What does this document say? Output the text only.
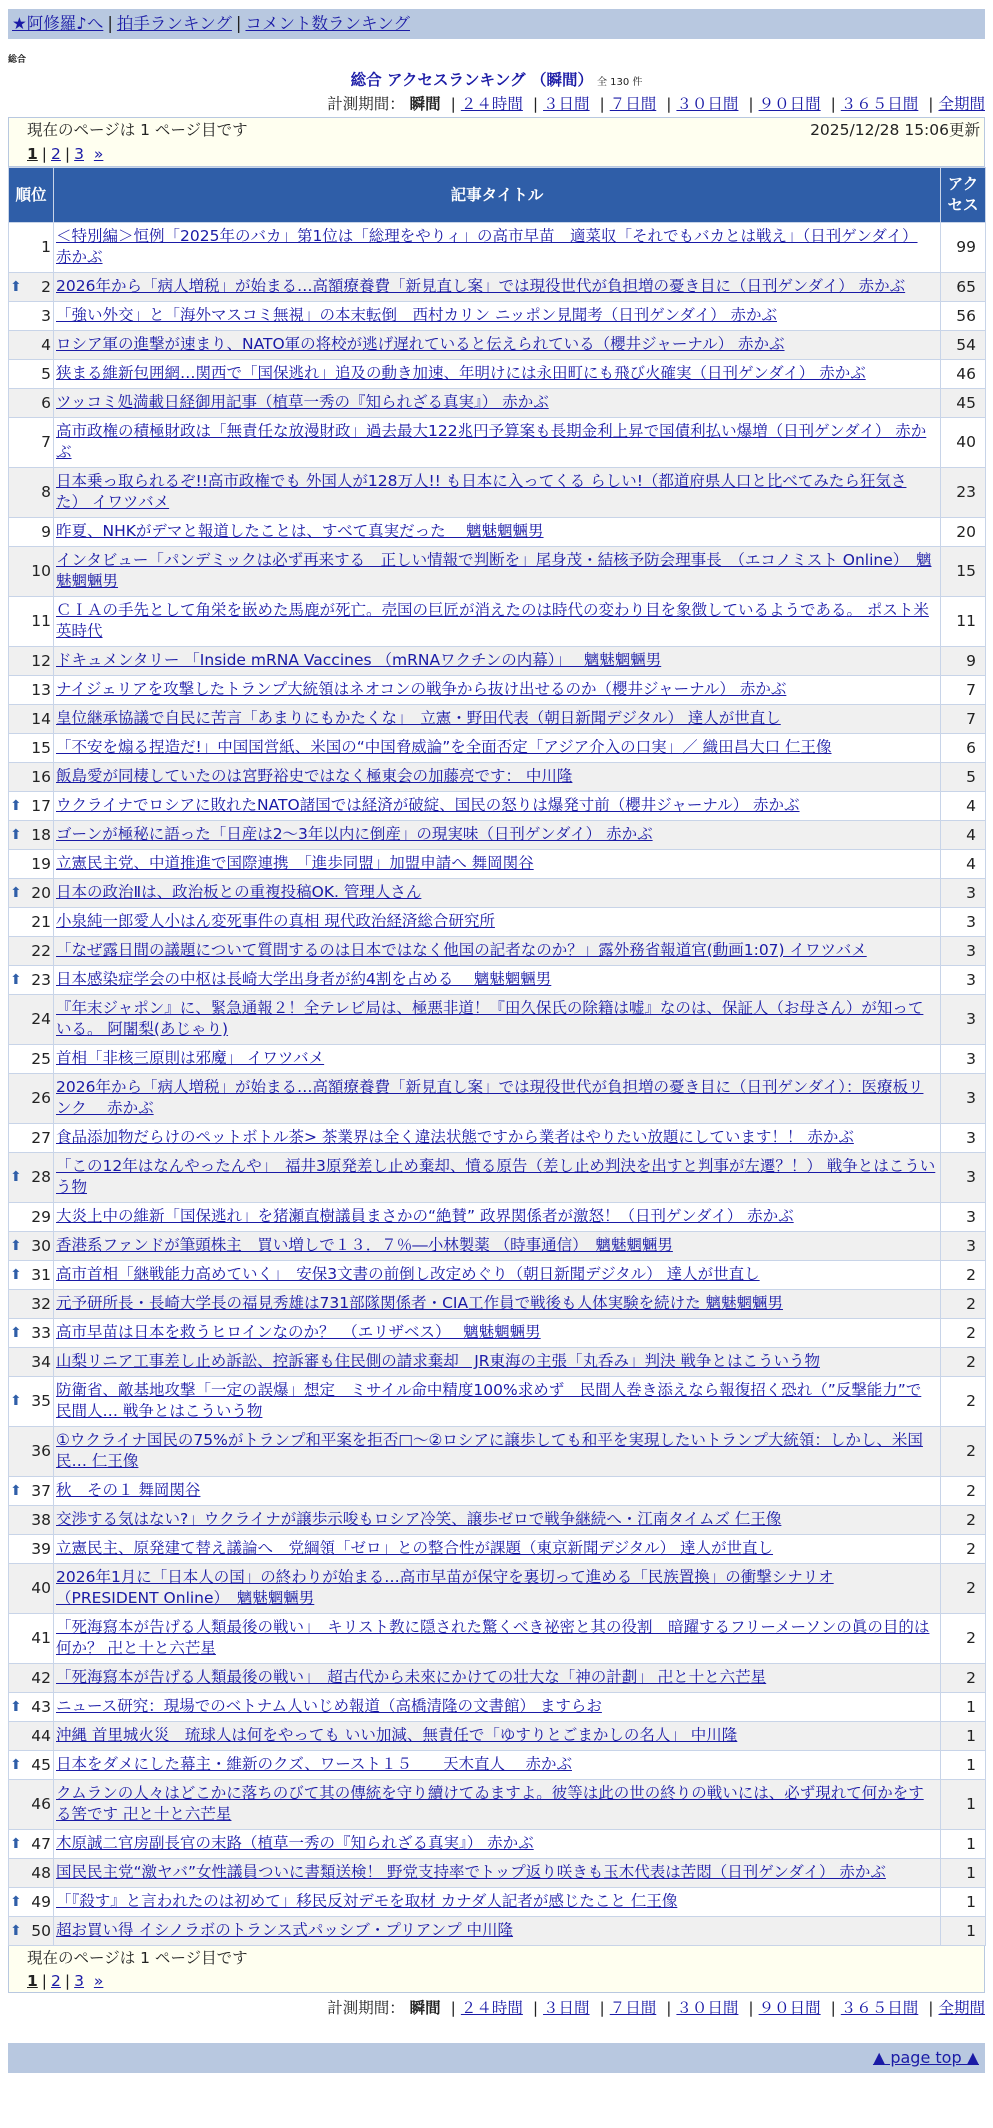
★阿修羅♪へ | 拍手ランキング | コメント数ランキング
総合
総合 アクセスランキング （瞬間） 全 130 件
計測期間： 瞬間 | ２４時間 | ３日間 | ７日間 | ３０日間 | ９０日間 | ３６５日間 | 全期間
現在のページは 1 ページ目です	2025/12/28 15:06更新
1 | 2 | 3 »
順位	記事タイトル	アクセス
1	＜特別編＞恒例「2025年のバカ」第1位は「総理をやりィ」の高市早苗　適菜収「それでもバカとは戦え」（日刊ゲンダイ） 赤かぶ	99

⬆ 2	2026年から「病人増税」が始まる…高額療養費「新見直し案」では現役世代が負担増の憂き目に（日刊ゲンダイ） 赤かぶ	65
3	「強い外交」と「海外マスコミ無視」の本末転倒　西村カリン ニッポン見聞考（日刊ゲンダイ） 赤かぶ	56
4	ロシア軍の進撃が速まり、NATO軍の将校が逃げ遅れていると伝えられている（櫻井ジャーナル） 赤かぶ	54
5	狭まる維新包囲網…関西で「国保逃れ」追及の動き加速、年明けには永田町にも飛び火確実（日刊ゲンダイ） 赤かぶ	46
6	ツッコミ処満載日経御用記事（植草一秀の『知られざる真実』） 赤かぶ	45
7	高市政権の積極財政は「無責任な放漫財政」過去最大122兆円予算案も長期金利上昇で国債利払い爆増（日刊ゲンダイ） 赤かぶ	40
8	日本乗っ取られるぞ!!高市政権でも 外国人が128万人!! も日本に入ってくる らしい!（都道府県人口と比べてみたら狂気さた） イワツバメ	23
9	昨夏、NHKがデマと報道したことは、すべて真実だった　 魑魅魍魎男	20
10	インタビュー「パンデミックは必ず再来する　正しい情報で判断を」尾身茂・結核予防会理事長　（エコノミスト Online）　魑魅魍魎男	15
11	ＣＩＡの手先として角栄を嵌めた馬鹿が死亡。売国の巨匠が消えたのは時代の変わり目を象徴しているようである。 ポスト米英時代	11
12	ドキュメンタリー 「Inside mRNA Vaccines （mRNAワクチンの内幕）」　 魑魅魍魎男	9
13	ナイジェリアを攻撃したトランプ大統領はネオコンの戦争から抜け出せるのか（櫻井ジャーナル） 赤かぶ	7
14	皇位継承協議で自民に苦言「あまりにもかたくな」　立憲・野田代表（朝日新聞デジタル） 達人が世直し	7
15	「不安を煽る捏造だ!」中国国営紙、米国の“中国脅威論”を全面否定「アジア介入の口実」／ 織田昌大口 仁王像	6
16	飯島愛が同棲していたのは宮野裕史ではなく極東会の加藤亮です： 中川隆	5

⬆ 17	ウクライナでロシアに敗れたNATO諸国では経済が破綻、国民の怒りは爆発寸前（櫻井ジャーナル） 赤かぶ	4

⬆ 18	ゴーンが極秘に語った「日産は2～3年以内に倒産」の現実味（日刊ゲンダイ） 赤かぶ	4
19	立憲民主党、中道推進で国際連携　「進歩同盟」加盟申請へ 舞岡関谷	4

⬆ 20	日本の政治Ⅱは、政治板との重複投稿OK. 管理人さん	3
21	小泉純一郎愛人小はん変死事件の真相 現代政治経済総合研究所	3
22	「なぜ露日間の議題について質問するのは日本ではなく他国の記者なのか？」露外務省報道官(動画1:07) イワツバメ	3

⬆ 23	日本感染症学会の中枢は長崎大学出身者が約4割を占める　 魑魅魍魎男	3
24	『年末ジャポン』に、緊急通報２！全テレビ局は、極悪非道！『田久保氏の除籍は嘘』なのは、保証人（お母さん）が知っている。 阿闍梨(あじゃり)	3
25	首相「非核三原則は邪魔」 イワツバメ	3
26	2026年から「病人増税」が始まる…高額療養費「新見直し案」では現役世代が負担増の憂き目に（日刊ゲンダイ）：医療板リンク　 赤かぶ	3
27	食品添加物だらけのペットボトル茶> 茶業界は全く違法状態ですから業者はやりたい放題にしています！！ 赤かぶ	3

⬆ 28	「この12年はなんやったんや」　福井3原発差し止め棄却、憤る原告（差し止め判決を出すと判事が左遷？！） 戦争とはこういう物	3
29	大炎上中の維新「国保逃れ」を猪瀬直樹議員まさかの“絶賛” 政界関係者が激怒！（日刊ゲンダイ） 赤かぶ	3

⬆ 30	香港系ファンドが筆頭株主　買い増しで１３．７％―小林製薬 （時事通信）　魑魅魍魎男	3

⬆ 31	高市首相「継戦能力高めていく」　安保3文書の前倒し改定めぐり（朝日新聞デジタル） 達人が世直し	2
32	元予研所長・長崎大学長の福見秀雄は731部隊関係者・CIA工作員で戦後も人体実験を続けた 魑魅魍魎男	2

⬆ 33	高市早苗は日本を救うヒロインなのか？　（エリザベス）　 魑魅魍魎男	2
34	山梨リニア工事差し止め訴訟、控訴審も住民側の請求棄却　JR東海の主張「丸呑み」判決 戦争とはこういう物	2

⬆ 35	防衛省、敵基地攻撃「一定の誤爆」想定　ミサイル命中精度100%求めず　民間人巻き添えなら報復招く恐れ（”反撃能力”で民間人… 戦争とはこういう物	2
36	①ウクライナ国民の75%がトランプ和平案を拒否□～②ロシアに譲歩しても和平を実現したいトランプ大統領：しかし、米国民… 仁王像	2

⬆ 37	秋　その１ 舞岡関谷	2
38	交渉する気はない?」ウクライナが譲歩示唆もロシア冷笑、譲歩ゼロで戦争継続へ・江南タイムズ 仁王像	2
39	立憲民主、原発建て替え議論へ　党綱領「ゼロ」との整合性が課題（東京新聞デジタル） 達人が世直し	2
40	2026年1月に「日本人の国」の終わりが始まる…高市早苗が保守を裏切って進める「民族置換」の衝撃シナリオ （PRESIDENT Online）　魑魅魍魎男	2
41	「死海寫本が告げる人類最後の戦い」　キリスト教に隠された驚くべき祕密と其の役割　暗躍するフリーメーソンの眞の目的は何か？ 卍と十と六芒星	2
42	「死海寫本が告げる人類最後の戦い」　超古代から未來にかけての壮大な「神の計劃」 卍と十と六芒星	2

⬆ 43	ニュース研究：現場でのベトナム人いじめ報道（高橋清隆の文書館） ますらお	1
44	沖縄 首里城火災　琉球人は何をやっても いい加減、無責任で「ゆすりとごまかしの名人」 中川隆	1

⬆ 45	日本をダメにした幕主・維新のクズ、ワースト１５　　天木直人　 赤かぶ	1
46	クムランの人々はどこかに落ちのびて其の傳統を守り續けてゐますよ。彼等は此の世の終りの戦いには、必ず現れて何かをする筈です 卍と十と六芒星	1

⬆ 47	木原誠二官房副長官の末路（植草一秀の『知られざる真実』） 赤かぶ	1
48	国民民主党“激ヤバ”女性議員ついに書類送検！ 野党支持率でトップ返り咲きも玉木代表は苦悶（日刊ゲンダイ） 赤かぶ	1

⬆ 49	「『殺す』と言われたのは初めて」移民反対デモを取材 カナダ人記者が感じたこと 仁王像	1

⬆ 50	超お買い得 イシノラボのトランス式パッシブ・プリアンプ 中川隆	1
現在のページは 1 ページ目です
1 | 2 | 3 »
計測期間： 瞬間 | ２４時間 | ３日間 | ７日間 | ３０日間 | ９０日間 | ３６５日間 | 全期間
▲ page top ▲
